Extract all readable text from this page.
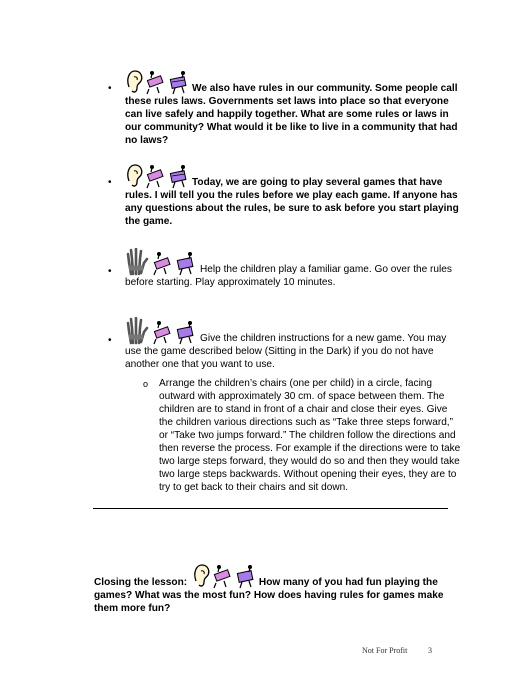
•	We also have rules in our community. Some people call these rules laws. Governments set laws into place so that everyone can live safely and happily together. What are some rules or laws in our community? What would it be like to live in a community that had no laws?
•	Today, we are going to play several games that have rules. I will tell you the rules before we play each game. If anyone has any questions about the rules, be sure to ask before you start playing the game.
•	Help the children play a familiar game. Go over the rules before starting. Play approximately 10 minutes.
•	Give the children instructions for a new game. You may use the game described below (Sitting in the Dark) if you do not have another one that you want to use.
o Arrange the children’s chairs (one per child) in a circle, facing outward with approximately 30 cm. of space between them. The children are to stand in front of a chair and close their eyes. Give the children various directions such as “Take three steps forward,” or “Take two jumps forward.” The children follow the directions and then reverse the process. For example if the directions were to take two large steps forward, they would do so and then they would take two large steps backwards. Without opening their eyes, they are to try to get back to their chairs and sit down.
Closing the lesson:	How many of you had fun playing the games? What was the most fun? How does having rules for games make them more fun?
Not For Profit	3
